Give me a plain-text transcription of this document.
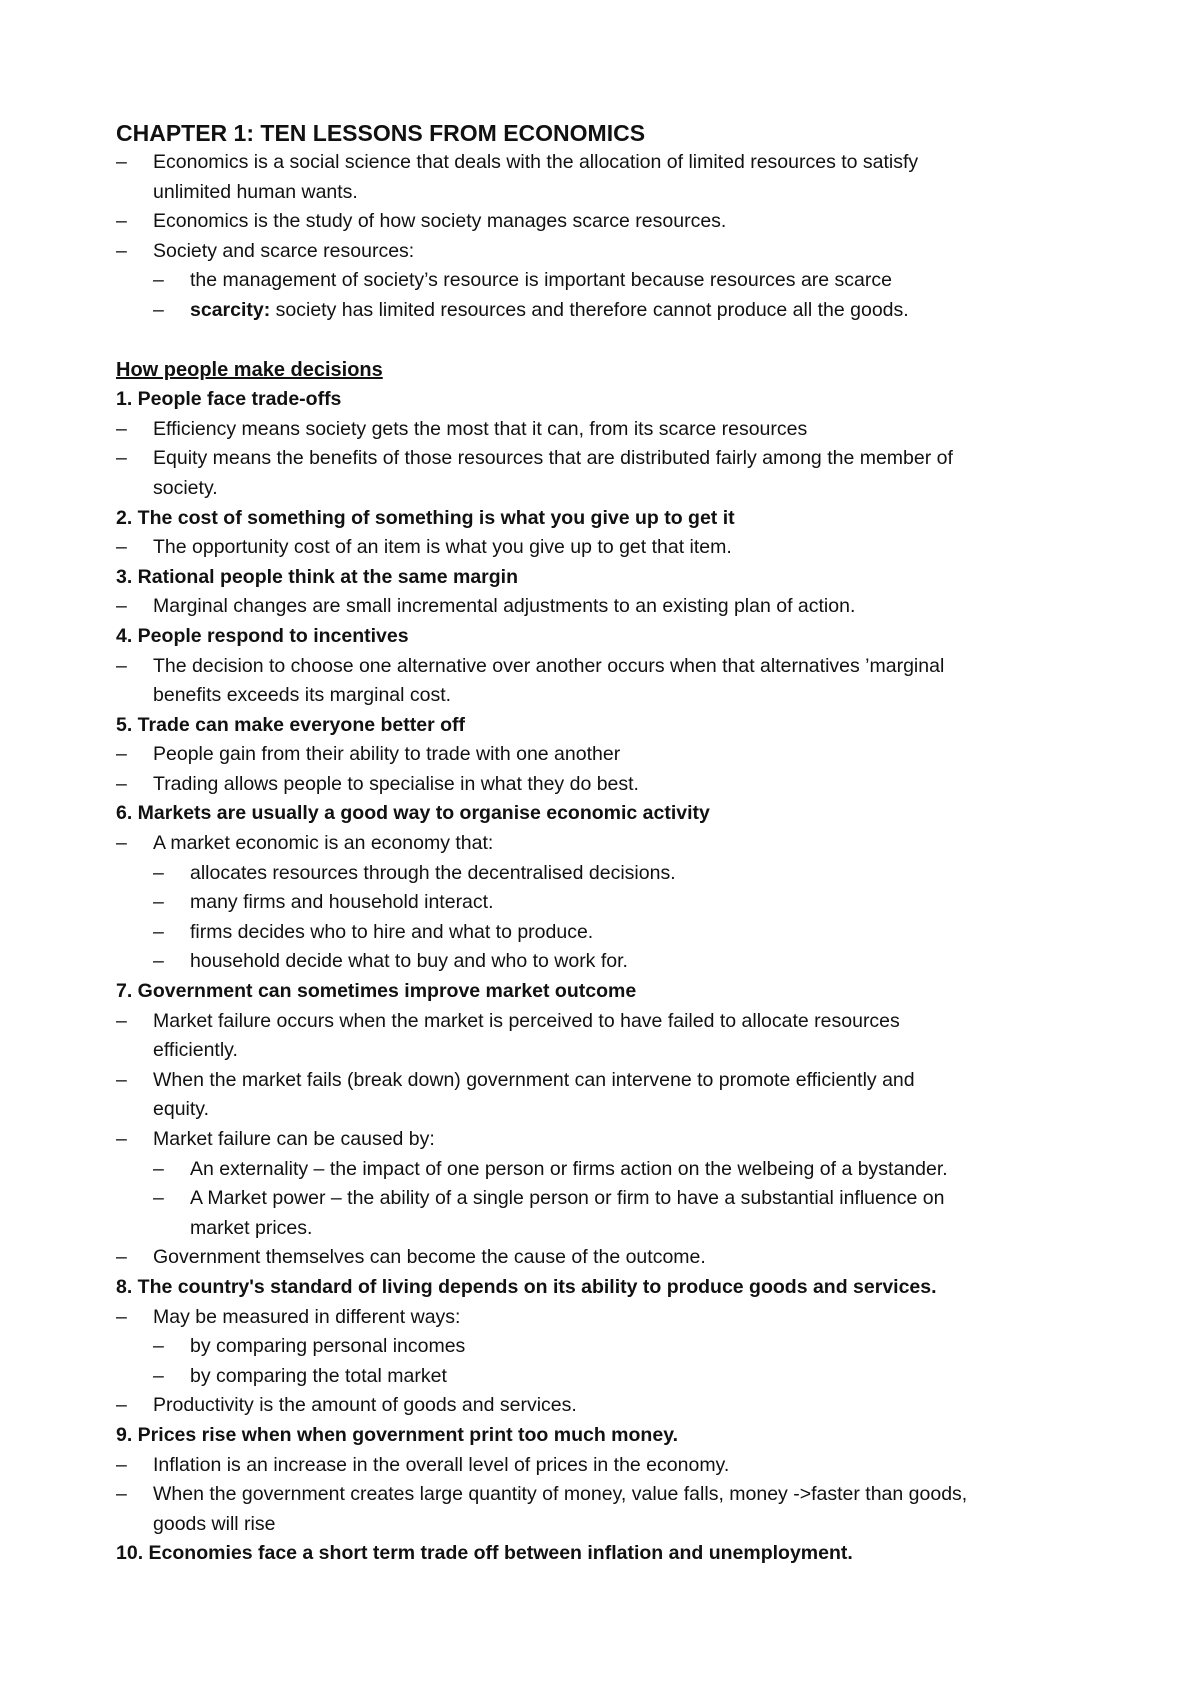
CHAPTER 1: TEN LESSONS FROM ECONOMICS
– Economics is a social science that deals with the allocation of limited resources to satisfy
unlimited human wants.
– Economics is the study of how society manages scarce resources.
– Society and scarce resources:
– the management of society’s resource is important because resources are scarce
– scarcity: society has limited resources and therefore cannot produce all the goods.
How people make decisions
1. People face trade-offs
– Efficiency means society gets the most that it can, from its scarce resources
– Equity means the benefits of those resources that are distributed fairly among the member of
society.
2. The cost of something of something is what you give up to get it
– The opportunity cost of an item is what you give up to get that item.
3. Rational people think at the same margin
– Marginal changes are small incremental adjustments to an existing plan of action.
4. People respond to incentives
– The decision to choose one alternative over another occurs when that alternatives ’marginal
benefits exceeds its marginal cost.
5. Trade can make everyone better off
– People gain from their ability to trade with one another
– Trading allows people to specialise in what they do best.
6. Markets are usually a good way to organise economic activity
– A market economic is an economy that:
– allocates resources through the decentralised decisions.
– many firms and household interact.
– firms decides who to hire and what to produce.
– household decide what to buy and who to work for.
7. Government can sometimes improve market outcome
– Market failure occurs when the market is perceived to have failed to allocate resources
efficiently.
– When the market fails (break down) government can intervene to promote efficiently and
equity.
– Market failure can be caused by:
– An externality – the impact of one person or firms action on the welbeing of a bystander.
– A Market power – the ability of a single person or firm to have a substantial influence on
market prices.
– Government themselves can become the cause of the outcome.
8. The country's standard of living depends on its ability to produce goods and services.
– May be measured in different ways:
– by comparing personal incomes
– by comparing the total market
– Productivity is the amount of goods and services.
9. Prices rise when when government print too much money.
– Inflation is an increase in the overall level of prices in the economy.
– When the government creates large quantity of money, value falls, money ->faster than goods,
goods will rise
10. Economies face a short term trade off between inflation and unemployment.
